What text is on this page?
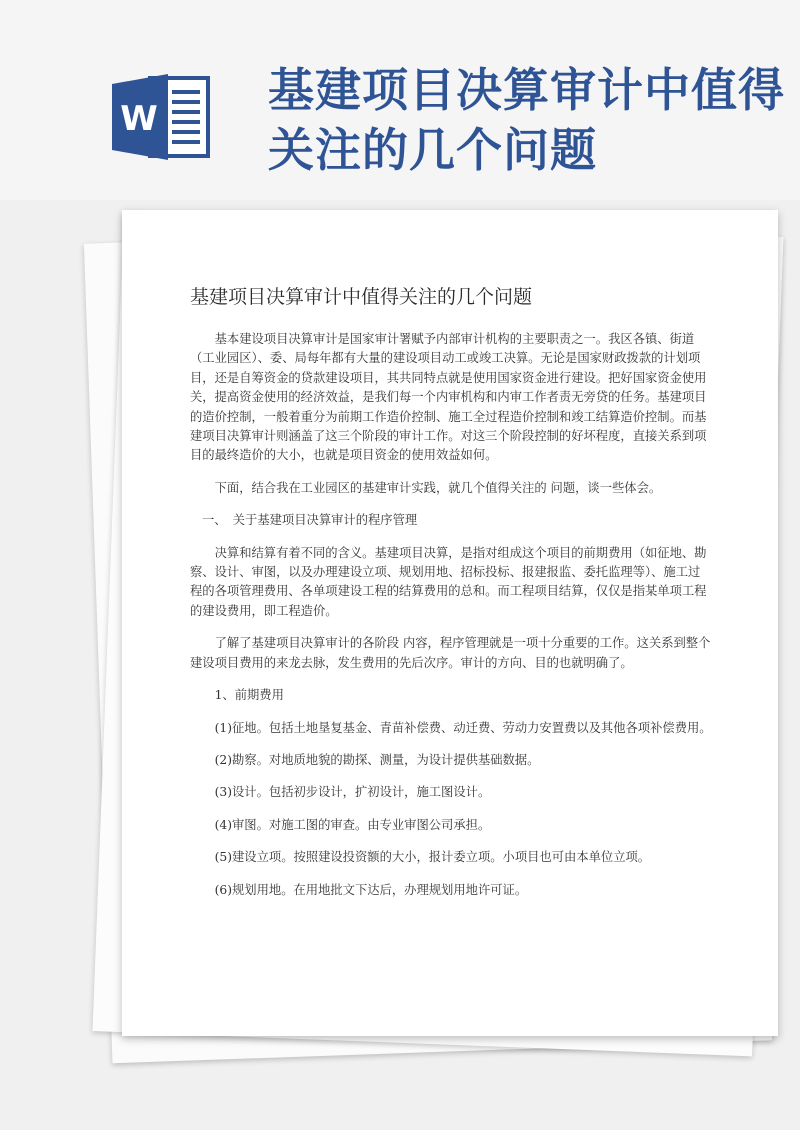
W
基建项目决算审计中值得关注的几个问题
基建项目决算审计中值得关注的几个问题

基本建设项目决算审计是国家审计署赋予内部审计机构的主要职责之一。我区各镇、街道（工业园区）、委、局每年都有大量的建设项目动工或竣工决算。无论是国家财政拨款的计划项目，还是自筹资金的贷款建设项目，其共同特点就是使用国家资金进行建设。把好国家资金使用关，提高资金使用的经济效益，是我们每一个内审机构和内审工作者责无旁贷的任务。基建项目的造价控制，一般着重分为前期工作造价控制、施工全过程造价控制和竣工结算造价控制。而基建项目决算审计则涵盖了这三个阶段的审计工作。对这三个阶段控制的好坏程度，直接关系到项目的最终造价的大小，也就是项目资金的使用效益如何。

下面，结合我在工业园区的基建审计实践，就几个值得关注的 问题，谈一些体会。

一、　关于基建项目决算审计的程序管理

决算和结算有着不同的含义。基建项目决算，是指对组成这个项目的前期费用（如征地、勘察、设计、审图，以及办理建设立项、规划用地、招标投标、报建报监、委托监理等）、施工过程的各项管理费用、各单项建设工程的结算费用的总和。而工程项目结算，仅仅是指某单项工程的建设费用，即工程造价。

了解了基建项目决算审计的各阶段 内容，程序管理就是一项十分重要的工作。这关系到整个建设项目费用的来龙去脉，发生费用的先后次序。审计的方向、目的也就明确了。

1、前期费用

(1)征地。包括土地垦复基金、青苗补偿费、动迁费、劳动力安置费以及其他各项补偿费用。

(2)勘察。对地质地貌的勘探、测量，为设计提供基础数据。

(3)设计。包括初步设计，扩初设计，施工图设计。

(4)审图。对施工图的审查。由专业审图公司承担。

(5)建设立项。按照建设投资额的大小，报计委立项。小项目也可由本单位立项。

(6)规划用地。在用地批文下达后，办理规划用地许可证。
